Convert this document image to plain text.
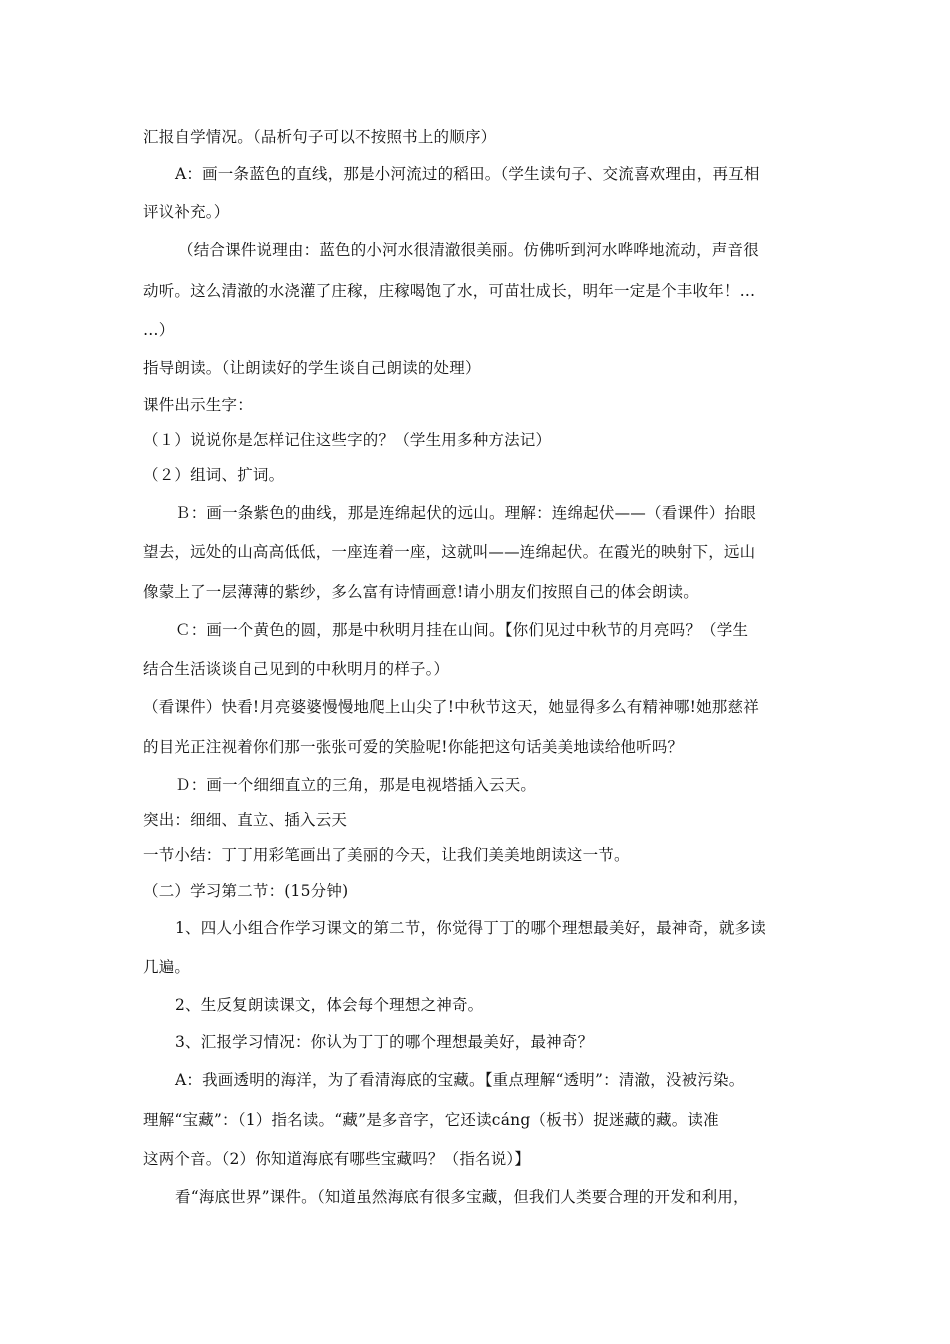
汇报自学情况。（品析句子可以不按照书上的顺序）
A：画一条蓝色的直线，那是小河流过的稻田。（学生读句子、交流喜欢理由，再互相
评议补充。）
（结合课件说理由：蓝色的小河水很清澈很美丽。仿佛听到河水哗哗地流动，声音很
动听。这么清澈的水浇灌了庄稼，庄稼喝饱了水，可苗壮成长，明年一定是个丰收年！…
…）
指导朗读。（让朗读好的学生谈自己朗读的处理）
课件出示生字：
（１）说说你是怎样记住这些字的？（学生用多种方法记）
（２）组词、扩词。
Ｂ：画一条紫色的曲线，那是连绵起伏的远山。理解：连绵起伏——（看课件）抬眼
望去，远处的山高高低低，一座连着一座，这就叫——连绵起伏。在霞光的映射下，远山
像蒙上了一层薄薄的紫纱，多么富有诗情画意!请小朋友们按照自己的体会朗读。
Ｃ：画一个黄色的圆，那是中秋明月挂在山间。【你们见过中秋节的月亮吗？（学生
结合生活谈谈自己见到的中秋明月的样子。）
（看课件）快看!月亮婆婆慢慢地爬上山尖了!中秋节这天，她显得多么有精神哪!她那慈祥
的目光正注视着你们那一张张可爱的笑脸呢!你能把这句话美美地读给他听吗？
Ｄ：画一个细细直立的三角，那是电视塔插入云天。
突出：细细、直立、插入云天
一节小结：丁丁用彩笔画出了美丽的今天，让我们美美地朗读这一节。
（二）学习第二节：(15分钟)
1、四人小组合作学习课文的第二节，你觉得丁丁的哪个理想最美好，最神奇，就多读
几遍。
2、生反复朗读课文，体会每个理想之神奇。
3、汇报学习情况：你认为丁丁的哪个理想最美好，最神奇？
A：我画透明的海洋，为了看清海底的宝藏。【重点理解“透明”：清澈，没被污染。
理解“宝藏”：（1）指名读。“藏”是多音字，它还读cáng（板书）捉迷藏的藏。读准
这两个音。（2）你知道海底有哪些宝藏吗？（指名说）】
看“海底世界”课件。（知道虽然海底有很多宝藏，但我们人类要合理的开发和利用，
